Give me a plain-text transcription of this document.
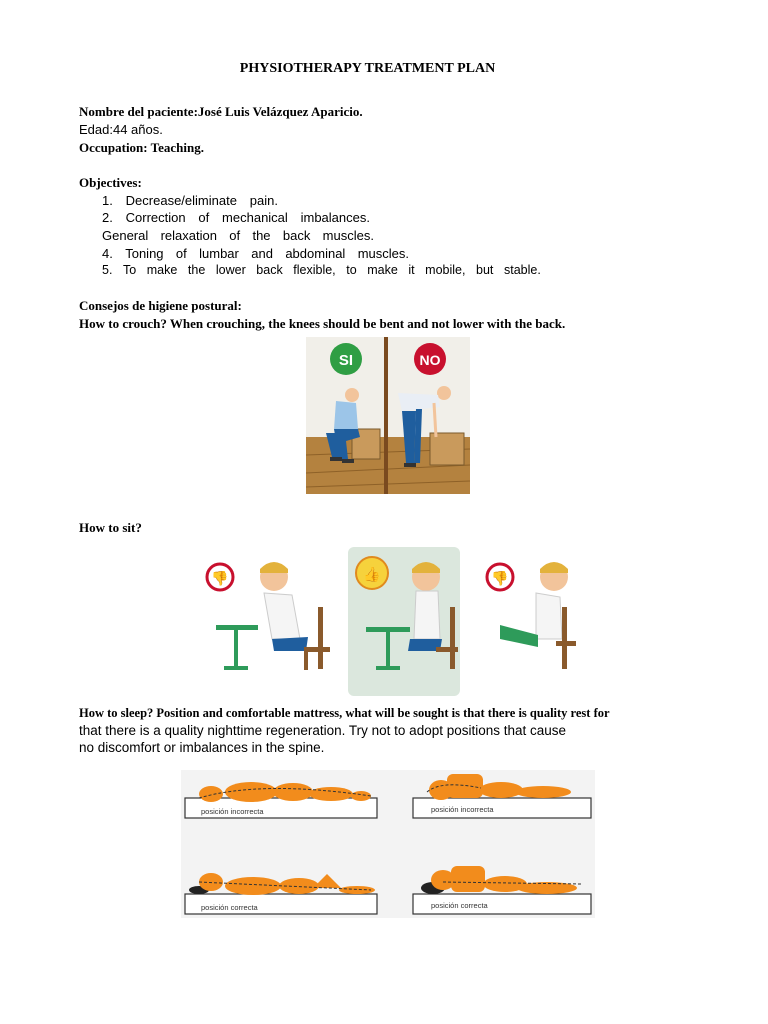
PHYSIOTHERAPY TREATMENT PLAN
Nombre del paciente:José Luis Velázquez Aparicio.
Edad:44 años.
Occupation: Teaching.
Objectives:
1. Decrease/eliminate pain.
2. Correction of mechanical imbalances.
General relaxation of the back muscles.
4. Toning of lumbar and abdominal muscles.
5. To make the lower back flexible, to make it mobile, but stable.
Consejos de higiene postural:
How to crouch? When crouching, the knees should be bent and not lower with the back.
SI	NO
How to sit?
👎	👍	👎
How to sleep? Position and comfortable mattress, what will be sought is that there is quality rest for
that there is a quality nighttime regeneration. Try not to adopt positions that cause
no discomfort or imbalances in the spine.
posición incorrecta	posición incorrecta
posición correcta	posición correcta
